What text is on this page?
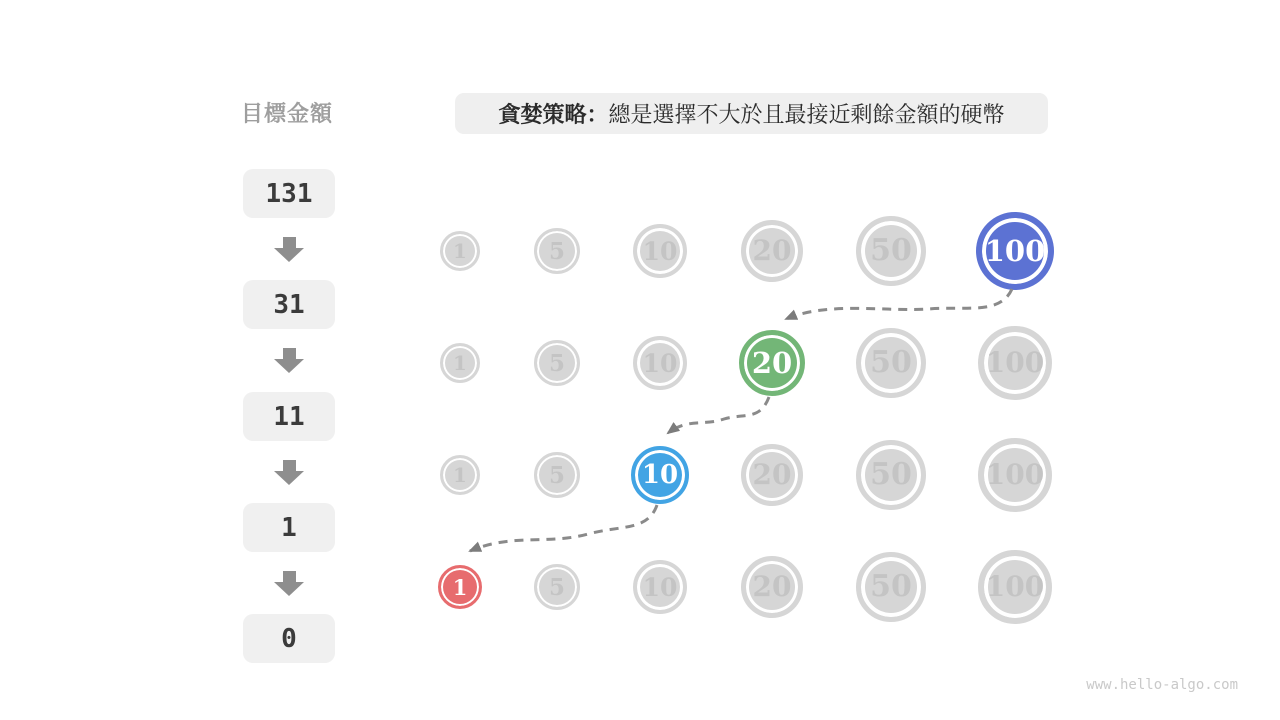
目標金額
131
31
11
1
0
貪婪策略： 總是選擇不大於且最接近剩餘金額的硬幣
1	5	10	20	50	100
1	5	10	20	50	100
1	5	10	20	50	100
1	5	10	20	50	100
www.hello-algo.com
